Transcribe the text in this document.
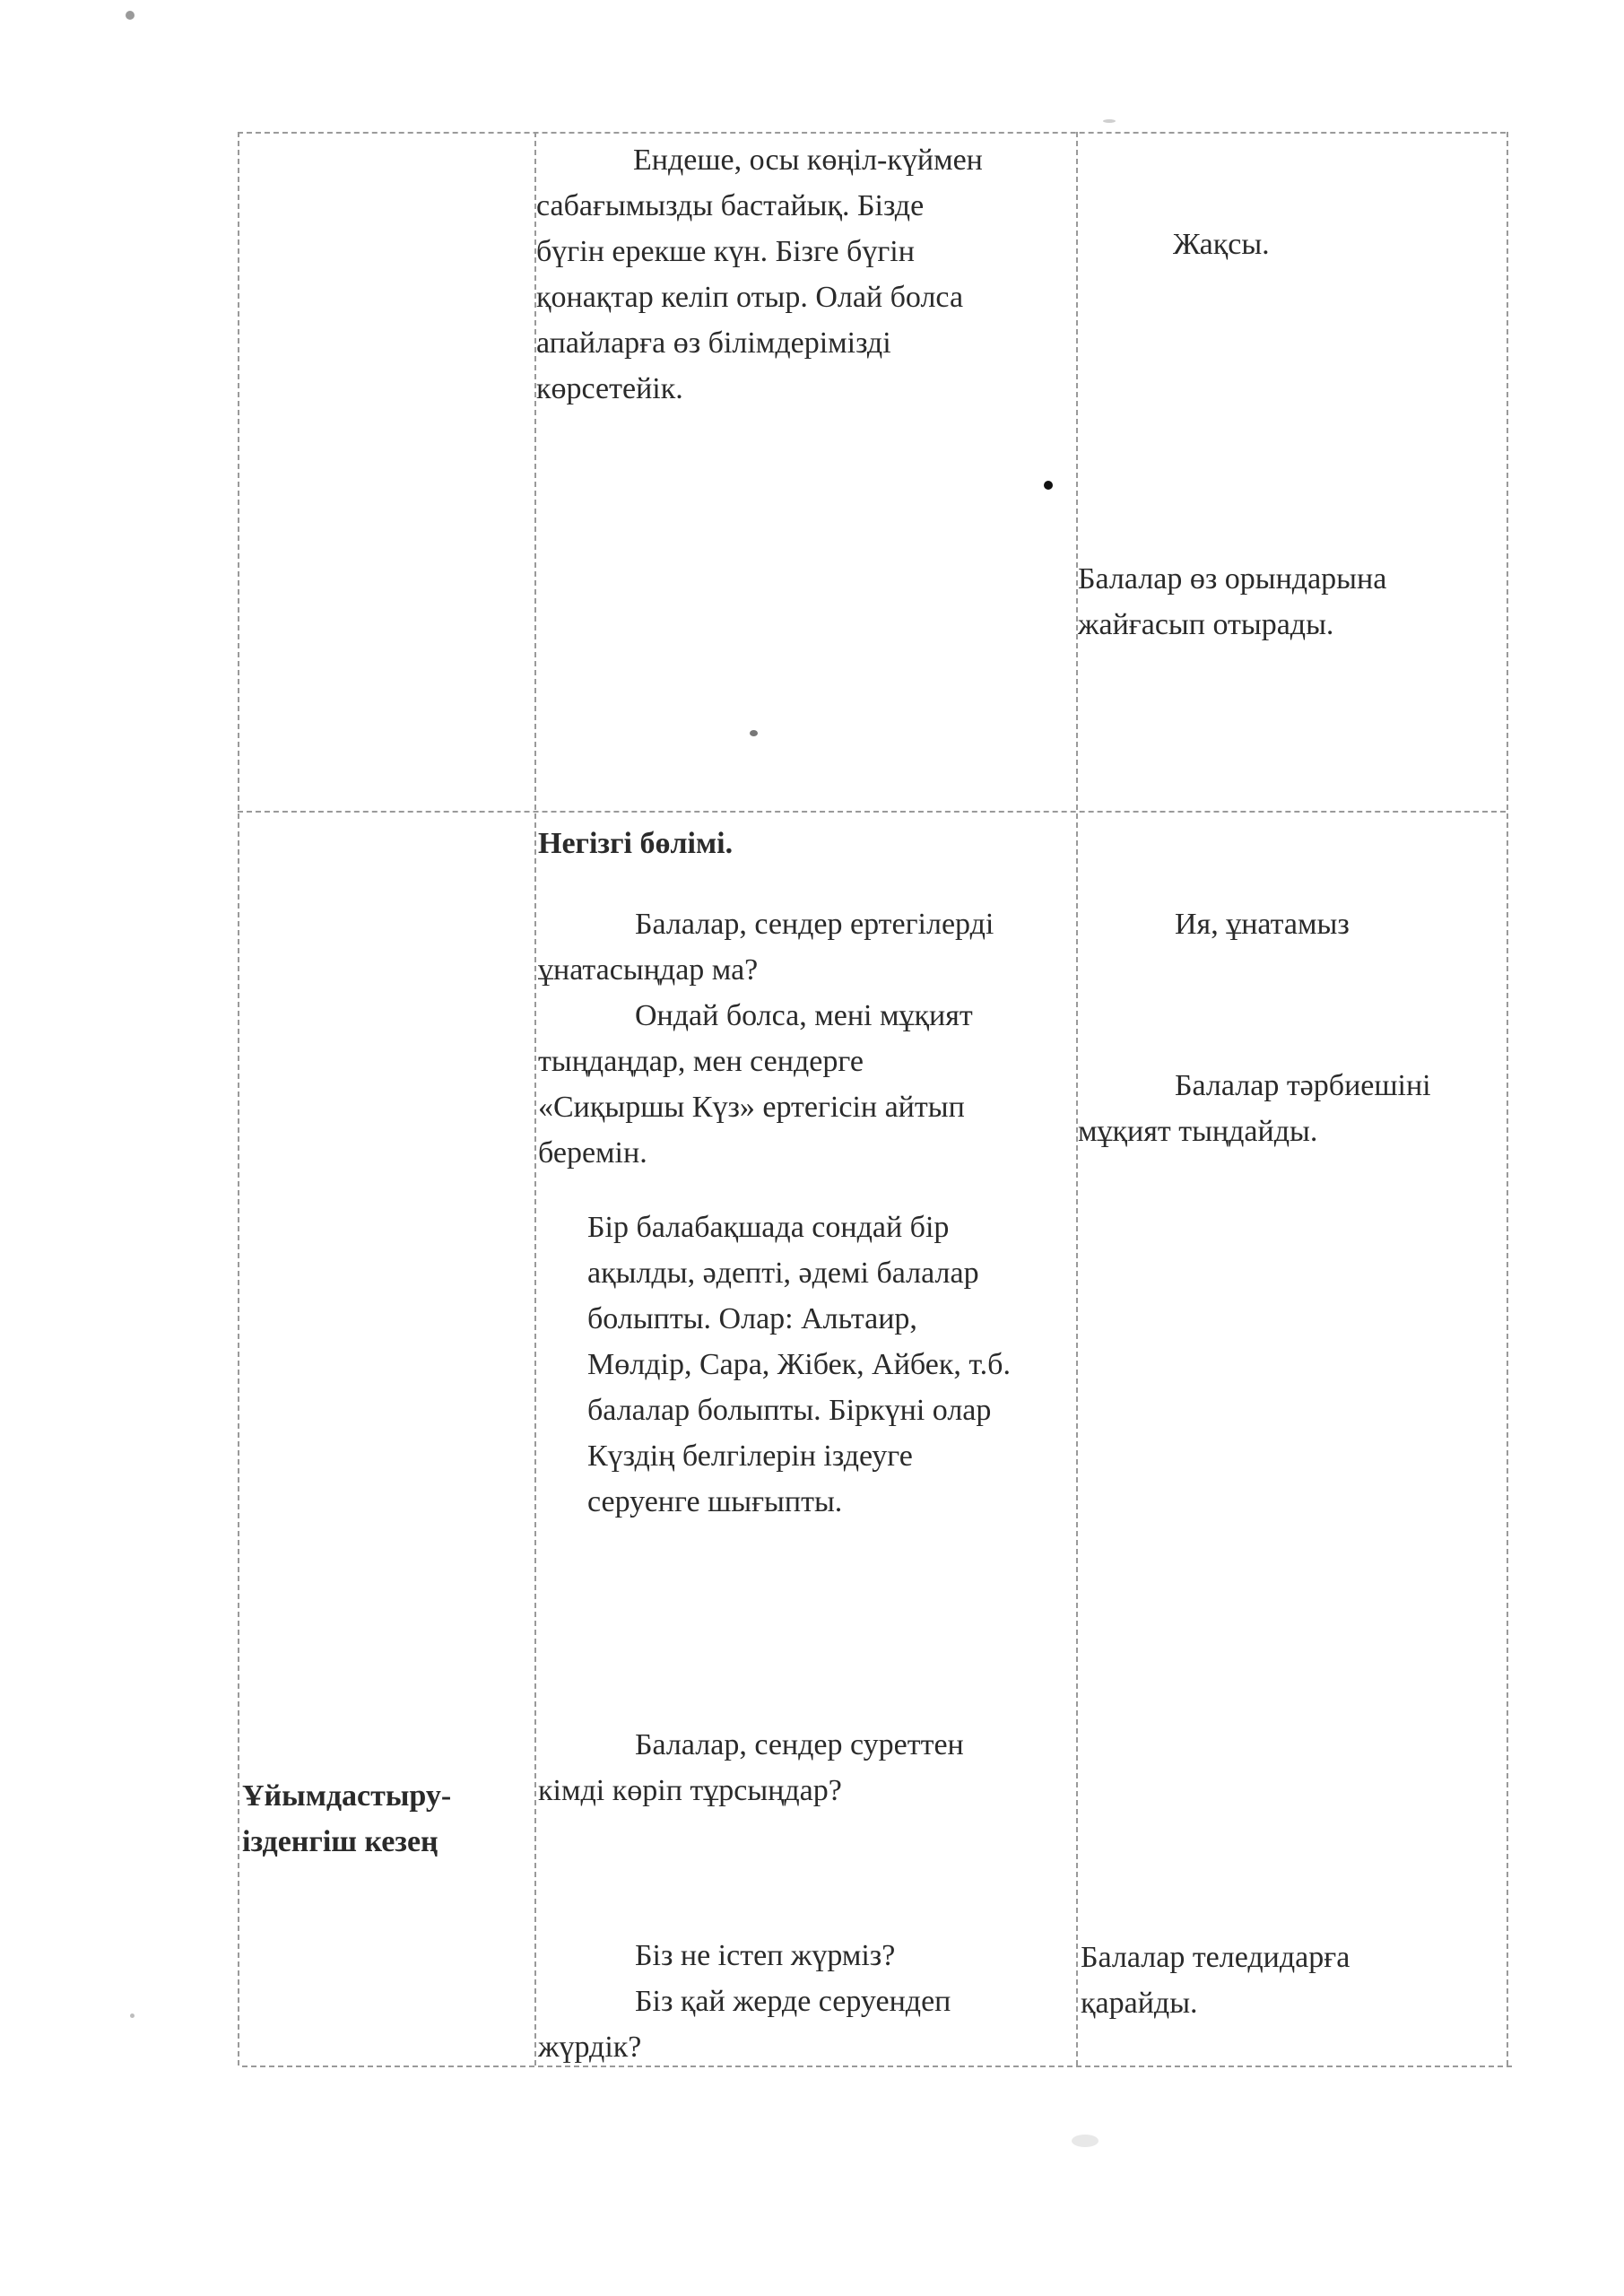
Ендеше, осы көңіл-күймен
сабағымызды бастайық. Бізде
бүгін ерекше күн. Бізге бүгін
қонақтар келіп отыр. Олай болса
апайларға өз білімдерімізді
көрсетейік.
Жақсы.
Балалар өз орындарына
жайғасып отырады.
Ұйымдастыру-
ізденгіш кезең
Негізгі бөлімі.
Балалар, сендер ертегілерді
ұнатасыңдар ма?
Ондай болса, мені мұқият
тыңдаңдар, мен сендерге
«Сиқыршы Күз» ертегісін айтып
беремін.
Бір балабақшада сондай бір
ақылды, әдепті, әдемі балалар
болыпты. Олар: Альтаир,
Мөлдір, Сара, Жібек, Айбек, т.б.
балалар болыпты. Біркүні олар
Күздің белгілерін іздеуге
серуенге шығыпты.
Балалар, сендер суреттен
кімді көріп тұрсыңдар?
Біз не істеп жүрміз?
Біз қай жерде серуендеп
жүрдік?
Ия, ұнатамыз
Балалар тәрбиешіні
мұқият тыңдайды.
Балалар теледидарға
қарайды.
